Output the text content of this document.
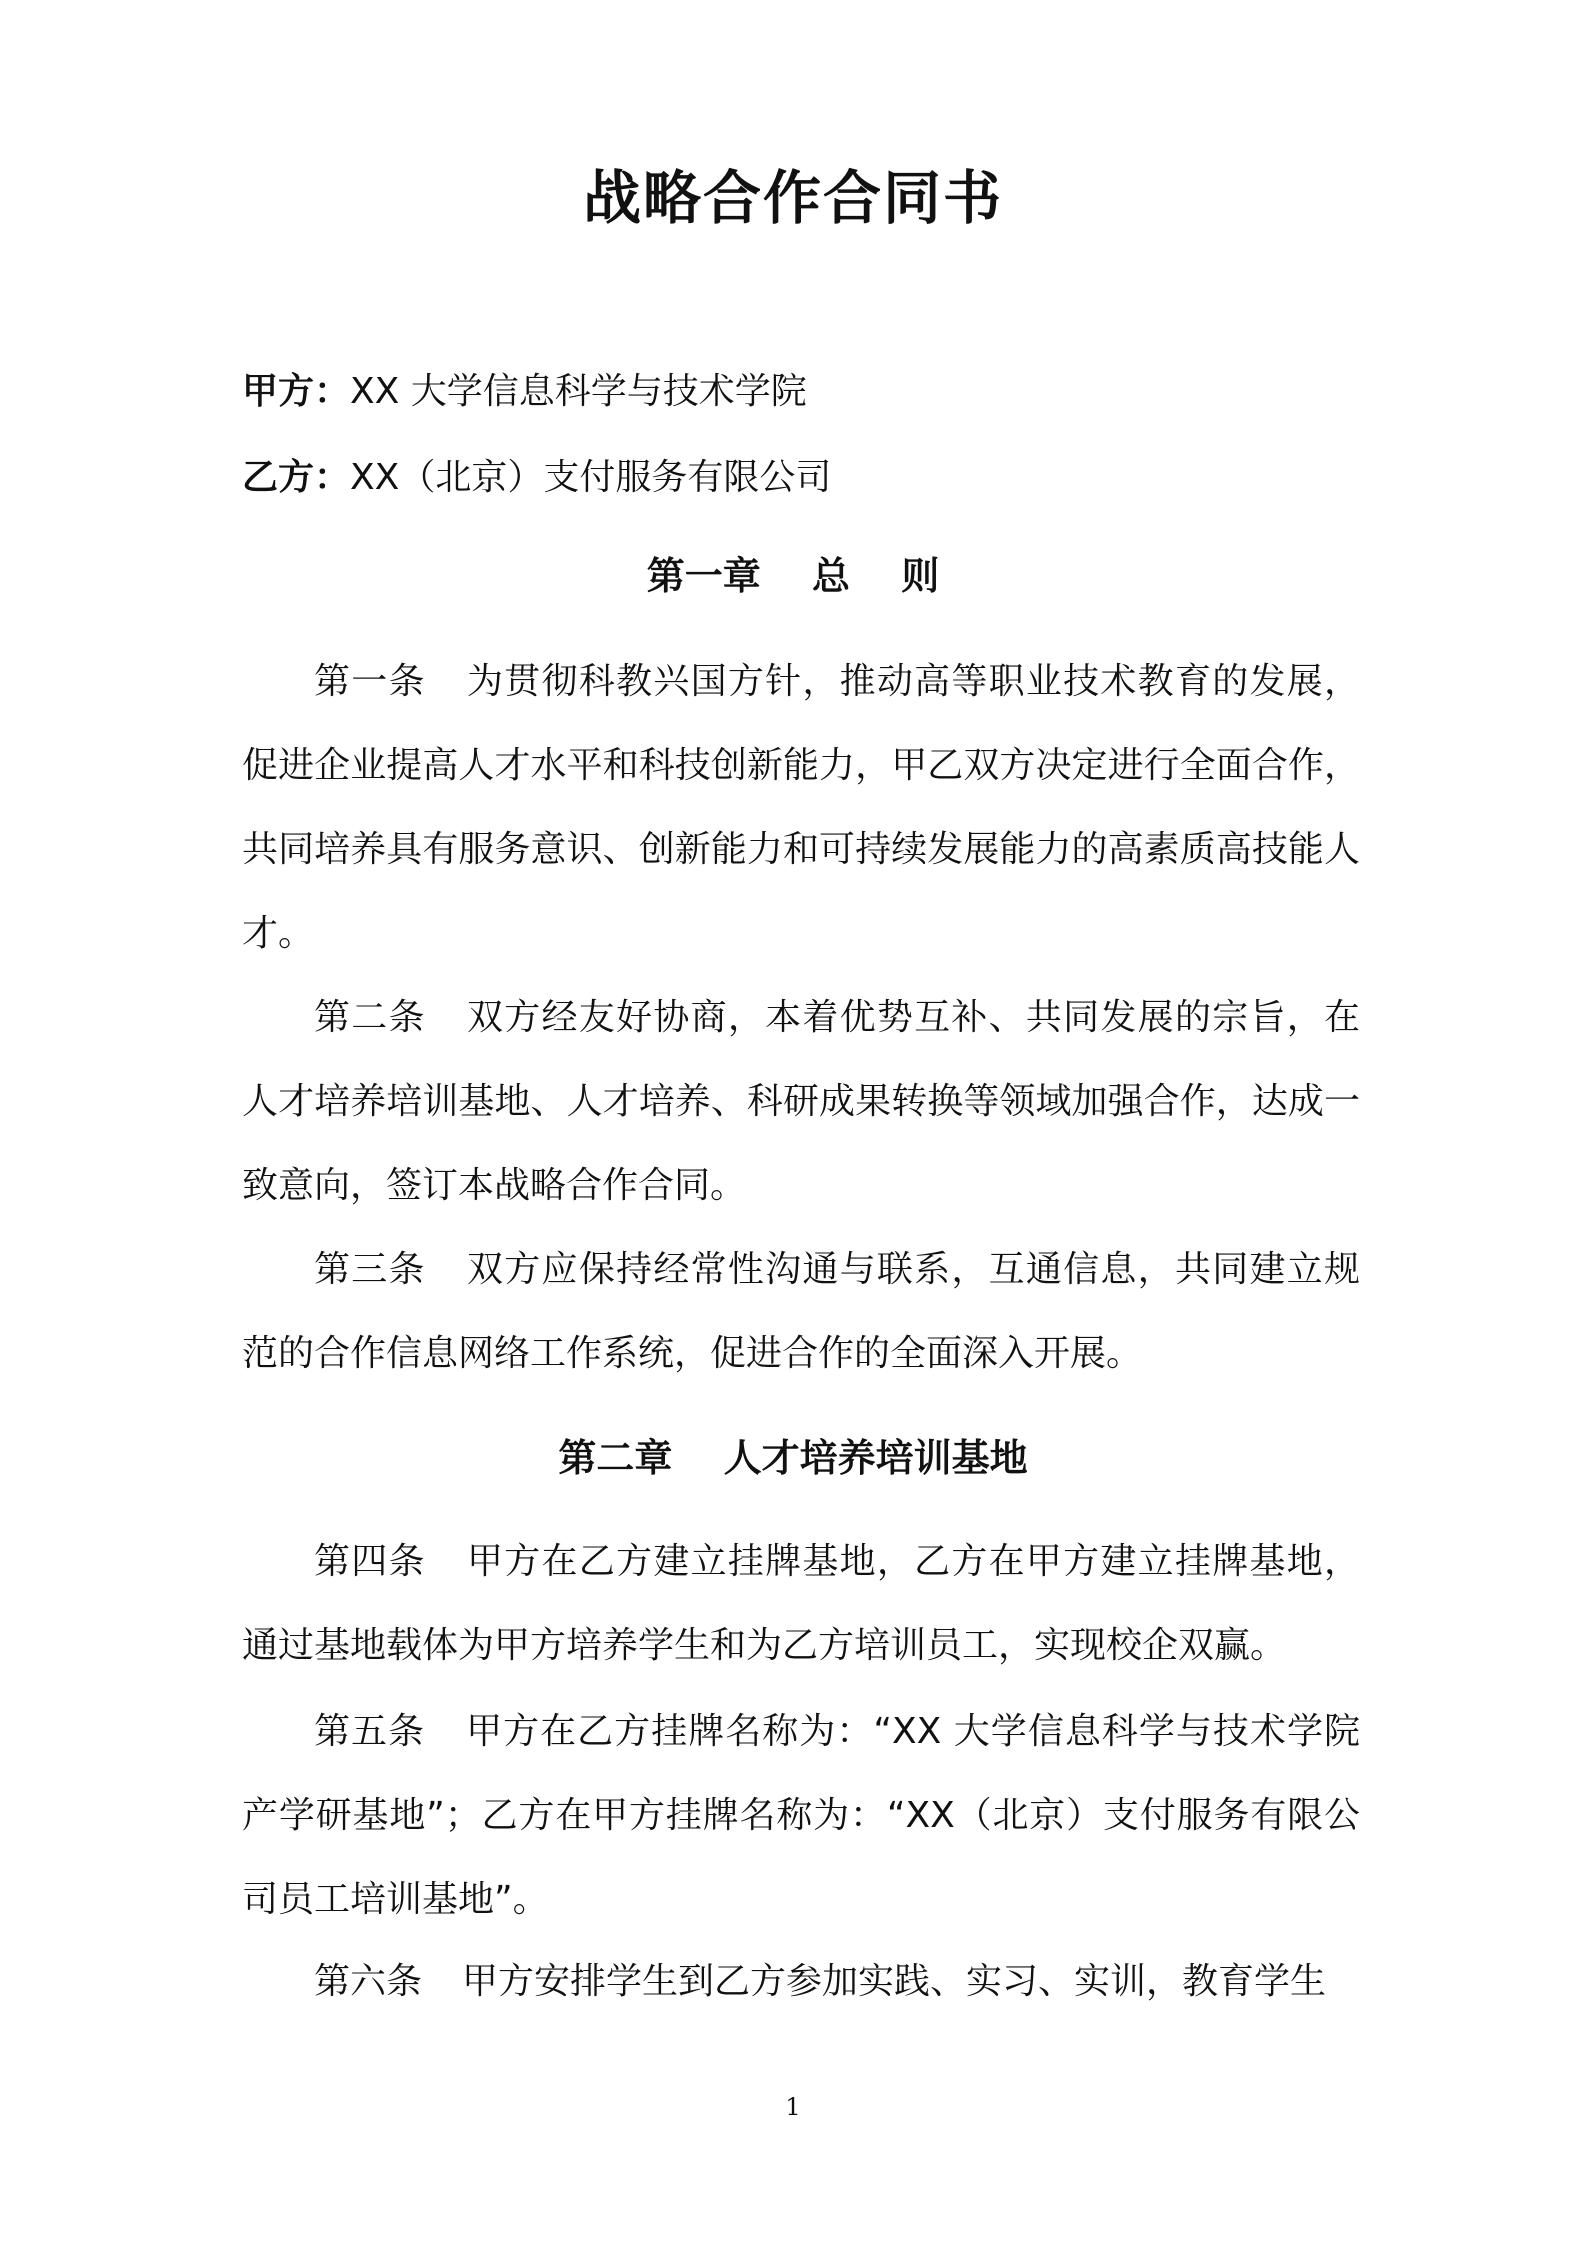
战略合作合同书
甲方：XX 大学信息科学与技术学院
乙方：XX（北京）支付服务有限公司
第一章　 总　 则
第一条 为贯彻科教兴国方针，推动高等职业技术教育的发展，促进企业提高人才水平和科技创新能力，甲乙双方决定进行全面合作，共同培养具有服务意识、创新能力和可持续发展能力的高素质高技能人才。
第二条 双方经友好协商，本着优势互补、共同发展的宗旨，在人才培养培训基地、人才培养、科研成果转换等领域加强合作，达成一致意向，签订本战略合作合同。
第三条 双方应保持经常性沟通与联系，互通信息，共同建立规范的合作信息网络工作系统，促进合作的全面深入开展。
第二章　 人才培养培训基地
第四条 甲方在乙方建立挂牌基地，乙方在甲方建立挂牌基地，通过基地载体为甲方培养学生和为乙方培训员工，实现校企双赢。
第五条 甲方在乙方挂牌名称为：“XX 大学信息科学与技术学院产学研基地”；乙方在甲方挂牌名称为：“XX（北京）支付服务有限公司员工培训基地”。
第六条 甲方安排学生到乙方参加实践、实习、实训，教育学生
1
